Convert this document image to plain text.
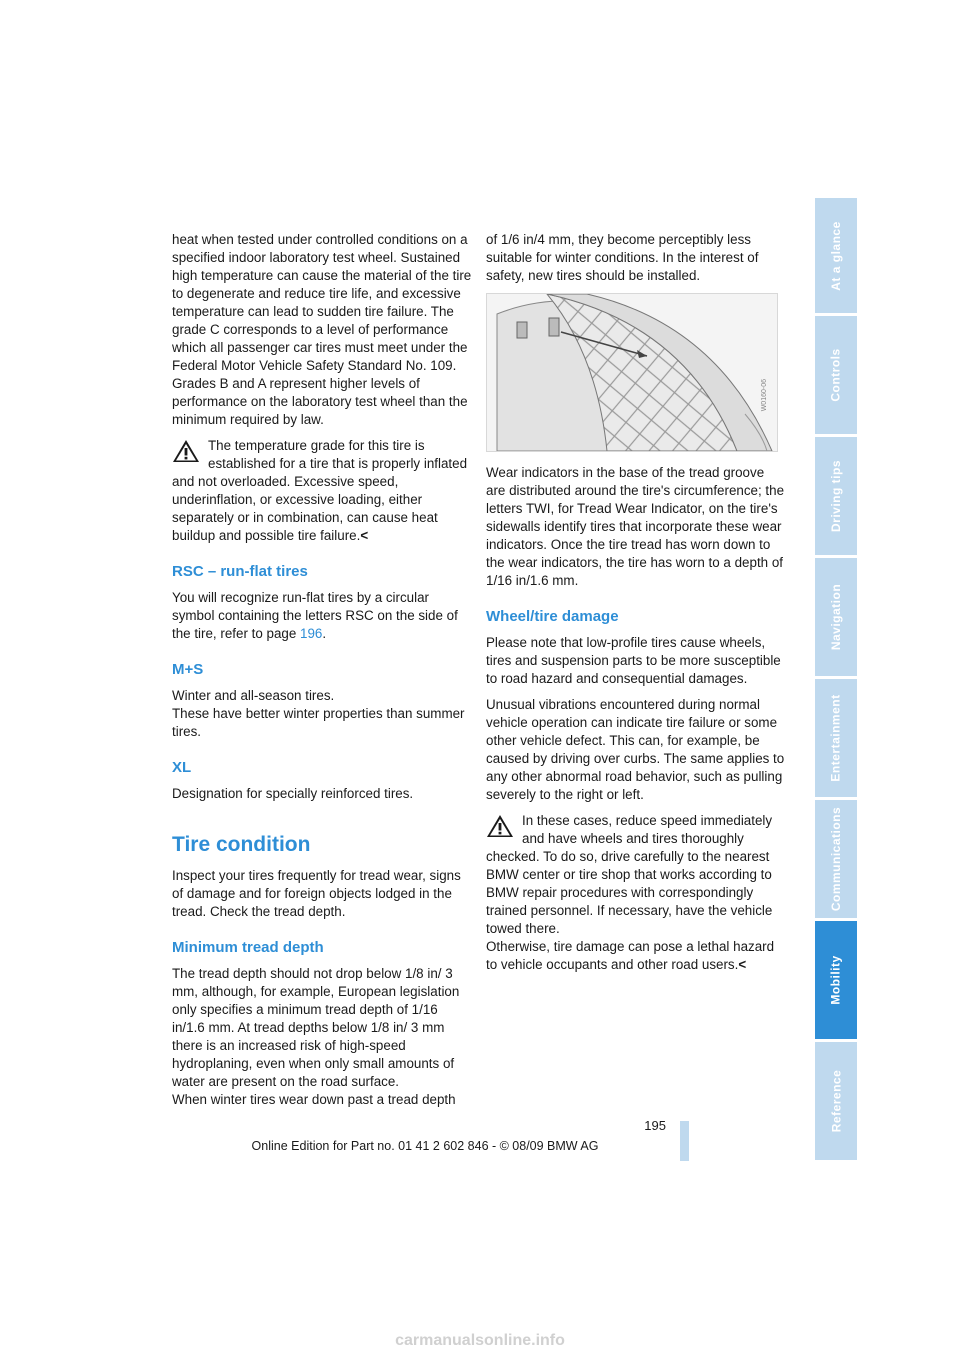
At a glance
Controls
Driving tips
Navigation
Entertainment
Communications
Mobility
Reference

heat when tested under controlled conditions on a specified indoor laboratory test wheel. Sustained high temperature can cause the material of the tire to degenerate and reduce tire life, and excessive temperature can lead to sudden tire failure. The grade C corresponds to a level of performance which all passenger car tires must meet under the Federal Motor Vehicle Safety Standard No. 109. Grades B and A represent higher levels of performance on the laboratory test wheel than the minimum required by law.

The temperature grade for this tire is established for a tire that is properly inflated and not overloaded. Excessive speed, underinflation, or excessive loading, either separately or in combination, can cause heat buildup and possible tire failure.<
RSC – run-flat tires

You will recognize run-flat tires by a circular symbol containing the letters RSC on the side of the tire, refer to page 196.

M+S
Winter and all-season tires.

These have better winter properties than summer tires.

XL

Designation for specially reinforced tires.

Tire condition

Inspect your tires frequently for tread wear, signs of damage and for foreign objects lodged in the tread. Check the tread depth.

Minimum tread depth
The tread depth should not drop below 1/8 in/ 3 mm, although, for example, European legislation only specifies a minimum tread depth of 1/16 in/1.6 mm. At tread depths below 1/8 in/ 3 mm there is an increased risk of high-speed hydroplaning, even when only small amounts of water are present on the road surface.
When winter tires wear down past a tread depth

of 1/6 in/4 mm, they become perceptibly less suitable for winter conditions. In the interest of safety, new tires should be installed.

W0160-06

Wear indicators in the base of the tread groove are distributed around the tire's circumference; the letters TWI, for Tread Wear Indicator, on the tire's sidewalls identify tires that incorporate these wear indicators. Once the tire tread has worn down to the wear indicators, the tire has worn to a depth of 1/16 in/1.6 mm.

Wheel/tire damage

Please note that low-profile tires cause wheels, tires and suspension parts to be more susceptible to road hazard and consequential damages.

Unusual vibrations encountered during normal vehicle operation can indicate tire failure or some other vehicle defect. This can, for example, be caused by driving over curbs. The same applies to any other abnormal road behavior, such as pulling severely to the right or left.

In these cases, reduce speed immediately and have wheels and tires thoroughly checked. To do so, drive carefully to the nearest BMW center or tire shop that works according to BMW repair procedures with correspondingly trained personnel. If necessary, have the vehicle towed there.
Otherwise, tire damage can pose a lethal hazard to vehicle occupants and other road users.<
195
Online Edition for Part no. 01 41 2 602 846 - © 08/09 BMW AG
carmanualsonline.info
